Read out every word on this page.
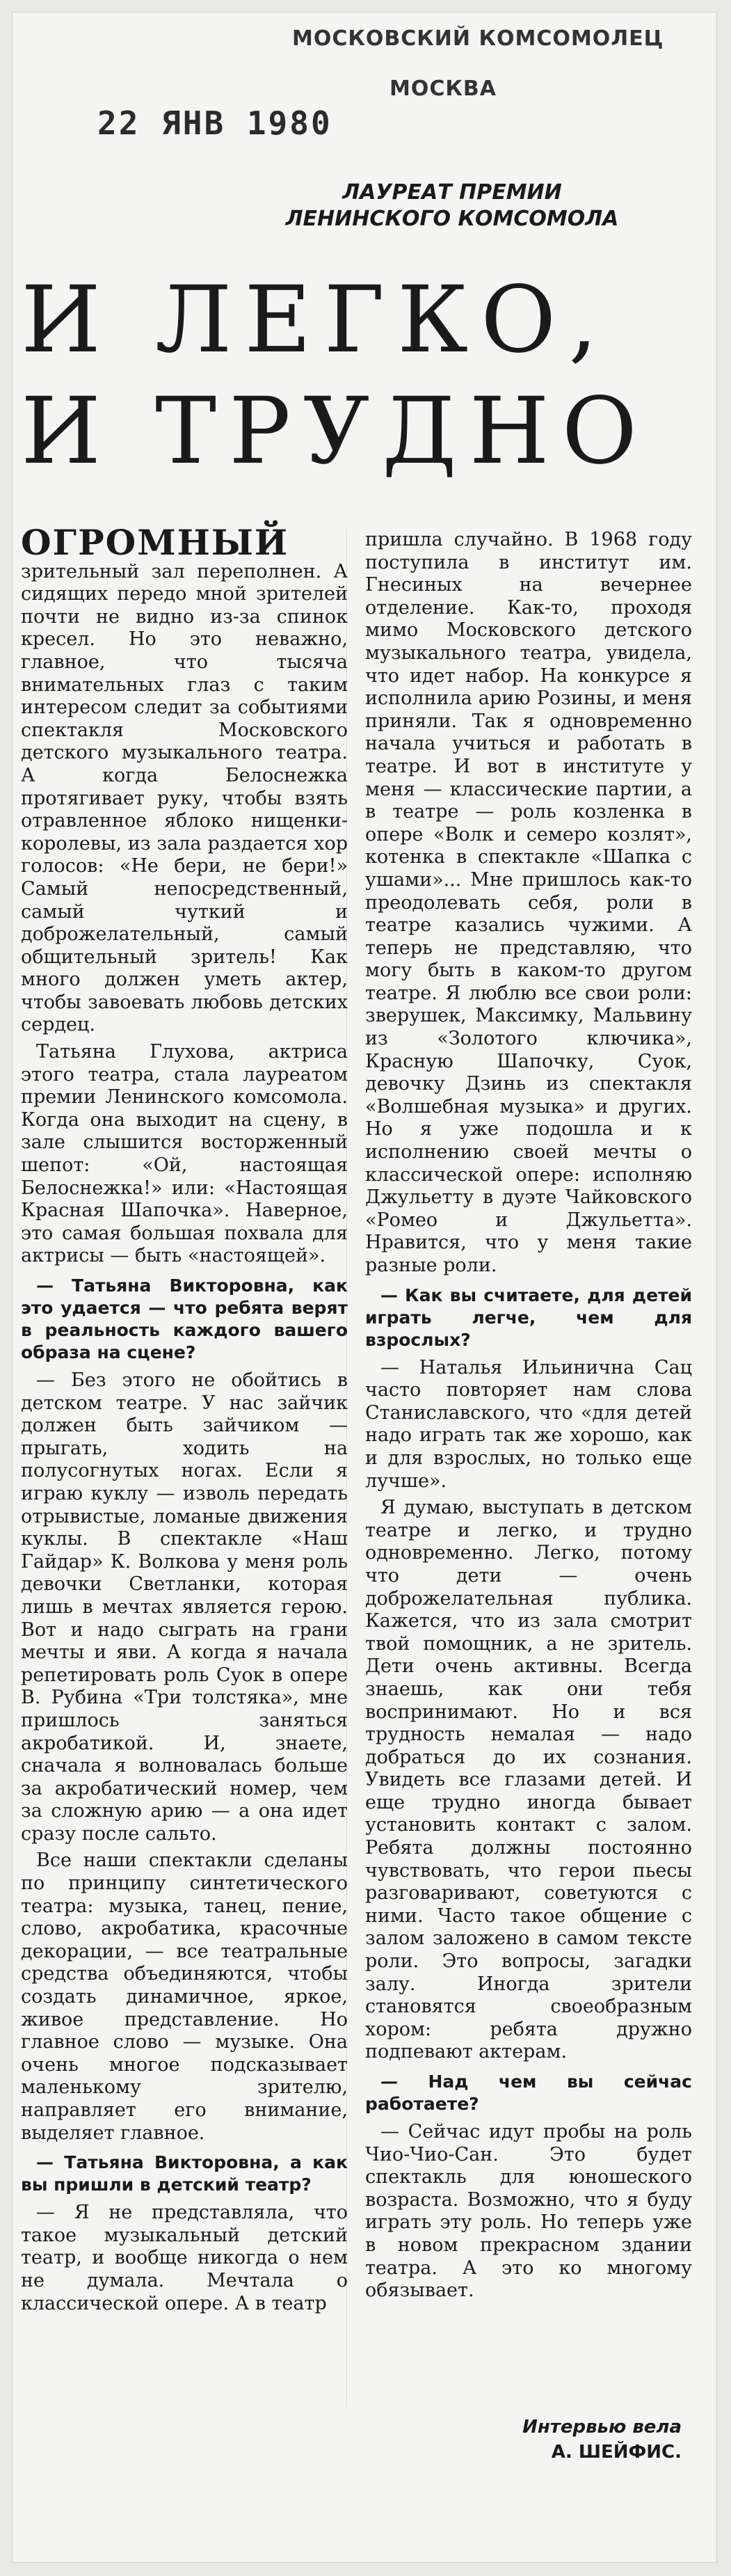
МОСКОВСКИЙ КОМСОМОЛЕЦ
МОСКВА
22 ЯНВ 1980
ЛАУРЕАТ ПРЕМИИ
ЛЕНИНСКОГО КОМСОМОЛА
И ЛЕГКО,
И ТРУДНО

ОГРОМНЫЙ зрительный зал переполнен. А сидящих передо мной зрителей почти не видно из-за спинок кресел. Но это неважно, главное, что тысяча внимательных глаз с таким интересом следит за событиями спектакля Московского детского музыкального театра. А когда Белоснежка протягивает руку, чтобы взять отравленное яблоко нищенки-королевы, из зала раздается хор голосов: «Не бери, не бери!» Самый непосредственный, самый чуткий и доброжелательный, самый общительный зритель! Как много должен уметь актер, чтобы завоевать любовь детских сердец.

Татьяна Глухова, актриса этого театра, стала лауреатом премии Ленинского комсомола. Когда она выходит на сцену, в зале слышится восторженный шепот: «Ой, настоящая Белоснежка!» или: «Настоящая Красная Шапочка». Наверное, это самая большая похвала для актрисы — быть «настоящей».

— Татьяна Викторовна, как это удается — что ребята верят в реальность каждого вашего образа на сцене?

— Без этого не обойтись в детском театре. У нас зайчик должен быть зайчиком — прыгать, ходить на полусогнутых ногах. Если я играю куклу — изволь передать отрывистые, ломаные движения куклы. В спектакле «Наш Гайдар» К. Волкова у меня роль девочки Светланки, которая лишь в мечтах является герою. Вот и надо сыграть на грани мечты и яви. А когда я начала репетировать роль Суок в опере В. Рубина «Три толстяка», мне пришлось заняться акробатикой. И, знаете, сначала я волновалась больше за акробатический номер, чем за сложную арию — а она идет сразу после сальто.

Все наши спектакли сделаны по принципу синтетического театра: музыка, танец, пение, слово, акробатика, красочные декорации, — все театральные средства объединяются, чтобы создать динамичное, яркое, живое представление. Но главное слово — музыке. Она очень многое подсказывает маленькому зрителю, направляет его внимание, выделяет главное.

— Татьяна Викторовна, а как вы пришли в детский театр?

— Я не представляла, что такое музыкальный детский театр, и вообще никогда о нем не думала. Мечтала о классической опере. А в театр

пришла случайно. В 1968 году поступила в институт им. Гнесиных на вечернее отделение. Как-то, проходя мимо Московского детского музыкального театра, увидела, что идет набор. На конкурсе я исполнила арию Розины, и меня приняли. Так я одновременно начала учиться и работать в театре. И вот в институте у меня — классические партии, а в театре — роль козленка в опере «Волк и семеро козлят», котенка в спектакле «Шапка с ушами»... Мне пришлось как-то преодолевать себя, роли в театре казались чужими. А теперь не представляю, что могу быть в каком-то другом театре. Я люблю все свои роли: зверушек, Максимку, Мальвину из «Золотого ключика», Красную Шапочку, Суок, девочку Дзинь из спектакля «Волшебная музыка» и других. Но я уже подошла и к исполнению своей мечты о классической опере: исполняю Джульетту в дуэте Чайковского «Ромео и Джульетта». Нравится, что у меня такие разные роли.

— Как вы считаете, для детей играть легче, чем для взрослых?

— Наталья Ильинична Сац часто повторяет нам слова Станиславского, что «для детей надо играть так же хорошо, как и для взрослых, но только еще лучше».

Я думаю, выступать в детском театре и легко, и трудно одновременно. Легко, потому что дети — очень доброжелательная публика. Кажется, что из зала смотрит твой помощник, а не зритель. Дети очень активны. Всегда знаешь, как они тебя воспринимают. Но и вся трудность немалая — надо добраться до их сознания. Увидеть все глазами детей. И еще трудно иногда бывает установить контакт с залом. Ребята должны постоянно чувствовать, что герои пьесы разговаривают, советуются с ними. Часто такое общение с залом заложено в самом тексте роли. Это вопросы, загадки залу. Иногда зрители становятся своеобразным хором: ребята дружно подпевают актерам.

— Над чем вы сейчас работаете?

— Сейчас идут пробы на роль Чио-Чио-Сан. Это будет спектакль для юношеского возраста. Возможно, что я буду играть эту роль. Но теперь уже в новом прекрасном здании театра. А это ко многому обязывает.

Интервью вела
А. ШЕЙФИС.
